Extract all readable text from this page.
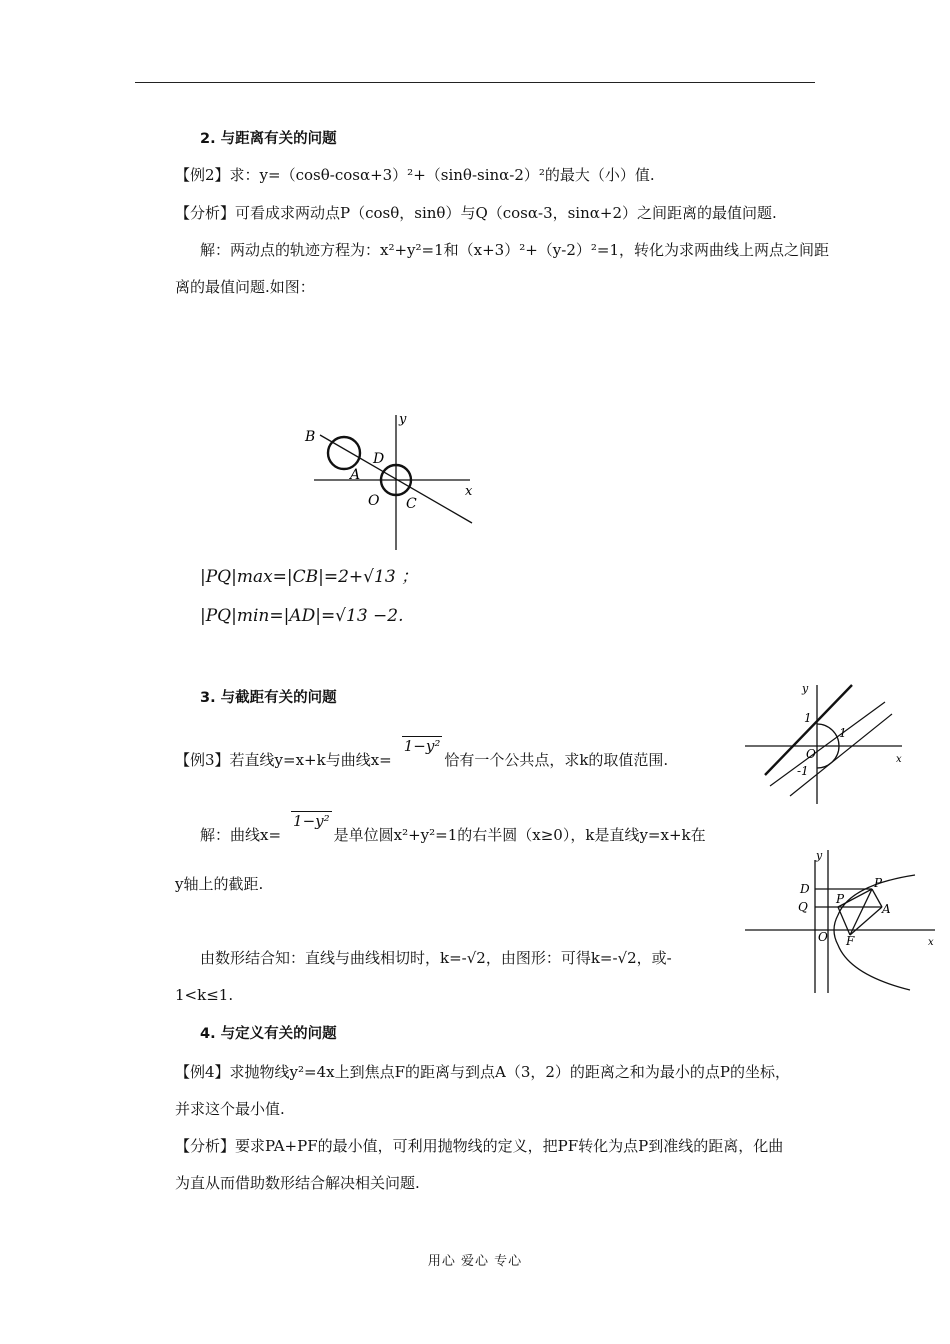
2. 与距离有关的问题
【例2】求：y=（cosθ-cosα+3）²+（sinθ-sinα-2）²的最大（小）值.
【分析】可看成求两动点P（cosθ，sinθ）与Q（cosα-3，sinα+2）之间距离的最值问题.
解：两动点的轨迹方程为：x²+y²=1和（x+3）²+（y-2）²=1，转化为求两曲线上两点之间距
离的最值问题.如图：
B
D
A
O C
y
x
|PQ|max=|CB|=2+√13 ；
|PQ|min=|AD|=√13 −2.
3. 与截距有关的问题
【例3】若直线y=x+k与曲线x=1−y²恰有一个公共点，求k的取值范围.
解：曲线x=1−y²是单位圆x²+y²=1的右半圆（x≥0），k是直线y=x+k在
y轴上的截距.
由数形结合知：直线与曲线相切时，k=-√2，由图形：可得k=-√2，或-
1<k≤1.
y
1
1
O
-1
x
y
D
Q
P
P
A
O F	x
4. 与定义有关的问题
【例4】求抛物线y²=4x上到焦点F的距离与到点A（3，2）的距离之和为最小的点P的坐标，
并求这个最小值.
【分析】要求PA+PF的最小值，可利用抛物线的定义，把PF转化为点P到准线的距离，化曲
为直从而借助数形结合解决相关问题.
用心 爱心 专心
